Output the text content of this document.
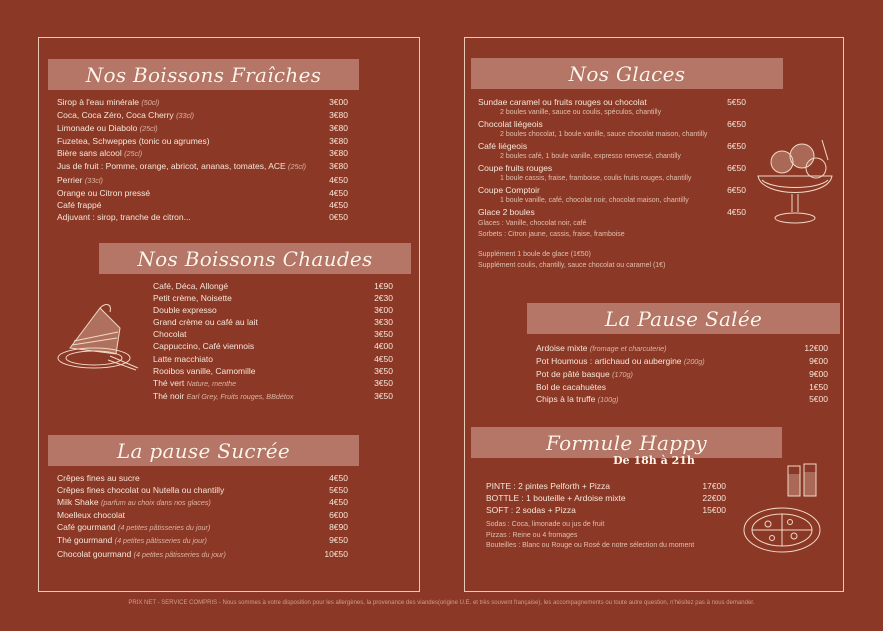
Nos Boissons Fraîches
Sirop à l'eau minérale (50cl)	3€00
Coca, Coca Zéro, Coca Cherry (33cl)	3€80
Limonade ou Diabolo (25cl)	3€80
Fuzetea, Schweppes (tonic ou agrumes)	3€80
Bière sans alcool (25cl)	3€80
Jus de fruit : Pomme, orange, abricot, ananas, tomates, ACE (25cl)	3€80
Perrier (33cl)	4€50
Orange ou Citron pressé	4€50
Café frappé	4€50
Adjuvant : sirop, tranche de citron...	0€50
Nos Boissons Chaudes
Café, Déca, Allongé	1€90
Petit crème, Noisette	2€30
Double expresso	3€00
Grand crème ou café au lait	3€30
Chocolat	3€50
Cappuccino, Café viennois	4€00
Latte macchiato	4€50
Rooibos vanille, Camomille	3€50
Thé vert Nature, menthe	3€50
Thé noir Earl Grey, Fruits rouges, BBdétox	3€50
La pause Sucrée
Crêpes fines au sucre	4€50
Crêpes fines chocolat ou Nutella ou chantilly	5€50
Milk Shake (parfum au choix dans nos glaces)	4€50
Moelleux chocolat	6€00
Café gourmand (4 petites pâtisseries du jour)	8€90
Thé gourmand (4 petites pâtisseries du jour)	9€50
Chocolat gourmand (4 petites pâtisseries du jour)	10€50
Nos Glaces
Sundae caramel ou fruits rouges ou chocolat	5€50
2 boules vanille, sauce ou coulis, spéculos, chantilly
Chocolat liégeois	6€50
2 boules chocolat, 1 boule vanille, sauce chocolat maison, chantilly
Café liégeois	6€50
2 boules café, 1 boule vanille, expresso renversé, chantilly
Coupe fruits rouges	6€50
1 boule cassis, fraise, framboise, coulis fruits rouges, chantilly
Coupe Comptoir	6€50
1 boule vanille, café, chocolat noir, chocolat maison, chantilly
Glace 2 boules	4€50
Glaces : Vanille, chocolat noir, café
Sorbets : Citron jaune, cassis, fraise, framboise
Supplément 1 boule de glace (1€50)
Supplément coulis, chantilly, sauce chocolat ou caramel (1€)
La Pause Salée
Ardoise mixte (fromage et charcuterie)	12€00
Pot Houmous : artichaud ou aubergine (200g)	9€00
Pot de pâté basque (170g)	9€00
Bol de cacahuètes	1€50
Chips à la truffe (100g)	5€00
Formule Happy
De 18h à 21h
PINTE : 2 pintes Pelforth + Pizza	17€00
BOTTLE : 1 bouteille + Ardoise mixte	22€00
SOFT : 2 sodas + Pizza	15€00
Sodas : Coca, limonade ou jus de fruit
Pizzas : Reine ou 4 fromages
Bouteilles : Blanc ou Rouge ou Rosé de notre sélection du moment
PRIX NET - SERVICE COMPRIS - Nous sommes à votre disposition pour les allergènes, la provenance des viandes(origine U.E. et très souvent française), les accompagnements ou toute autre question, n'hésitez pas à nous demander.
